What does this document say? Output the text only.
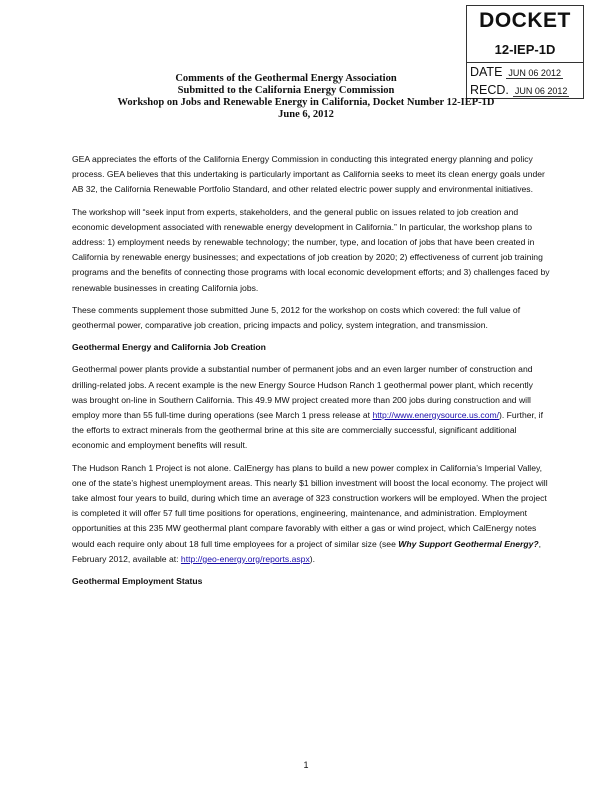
DOCKET
12-IEP-1D
DATE JUN 06 2012
RECD. JUN 06 2012
Comments of the Geothermal Energy Association
Submitted to the California Energy Commission
Workshop on Jobs and Renewable Energy in California, Docket Number 12-IEP-1D
June 6, 2012

GEA appreciates the efforts of the California Energy Commission in conducting this integrated energy planning and policy process. GEA believes that this undertaking is particularly important as California seeks to meet its clean energy goals under AB 32, the California Renewable Portfolio Standard, and other related electric power supply and environmental initiatives.

The workshop will “seek input from experts, stakeholders, and the general public on issues related to job creation and economic development associated with renewable energy development in California.” In particular, the workshop plans to address: 1) employment needs by renewable technology; the number, type, and location of jobs that have been created in California by renewable energy businesses; and expectations of job creation by 2020; 2) effectiveness of current job training programs and the benefits of connecting those programs with local economic development efforts; and 3) challenges faced by renewable businesses in creating California jobs.

These comments supplement those submitted June 5, 2012 for the workshop on costs which covered: the full value of geothermal power, comparative job creation, pricing impacts and policy, system integration, and transmission.

Geothermal Energy and California Job Creation

Geothermal power plants provide a substantial number of permanent jobs and an even larger number of construction and drilling-related jobs. A recent example is the new Energy Source Hudson Ranch 1 geothermal power plant, which recently was brought on-line in Southern California. This 49.9 MW project created more than 200 jobs during construction and will employ more than 55 full-time during operations (see March 1 press release at http://www.energysource.us.com/). Further, if the efforts to extract minerals from the geothermal brine at this site are commercially successful, significant additional economic and employment benefits will result.

The Hudson Ranch 1 Project is not alone. CalEnergy has plans to build a new power complex in California’s Imperial Valley, one of the state’s highest unemployment areas. This nearly $1 billion investment will boost the local economy. The project will take almost four years to build, during which time an average of 323 construction workers will be employed. When the project is completed it will offer 57 full time positions for operations, engineering, maintenance, and administration. Employment opportunities at this 235 MW geothermal plant compare favorably with either a gas or wind project, which CalEnergy notes would each require only about 18 full time employees for a project of similar size (see Why Support Geothermal Energy?, February 2012, available at: http://geo-energy.org/reports.aspx).

Geothermal Employment Status

1
